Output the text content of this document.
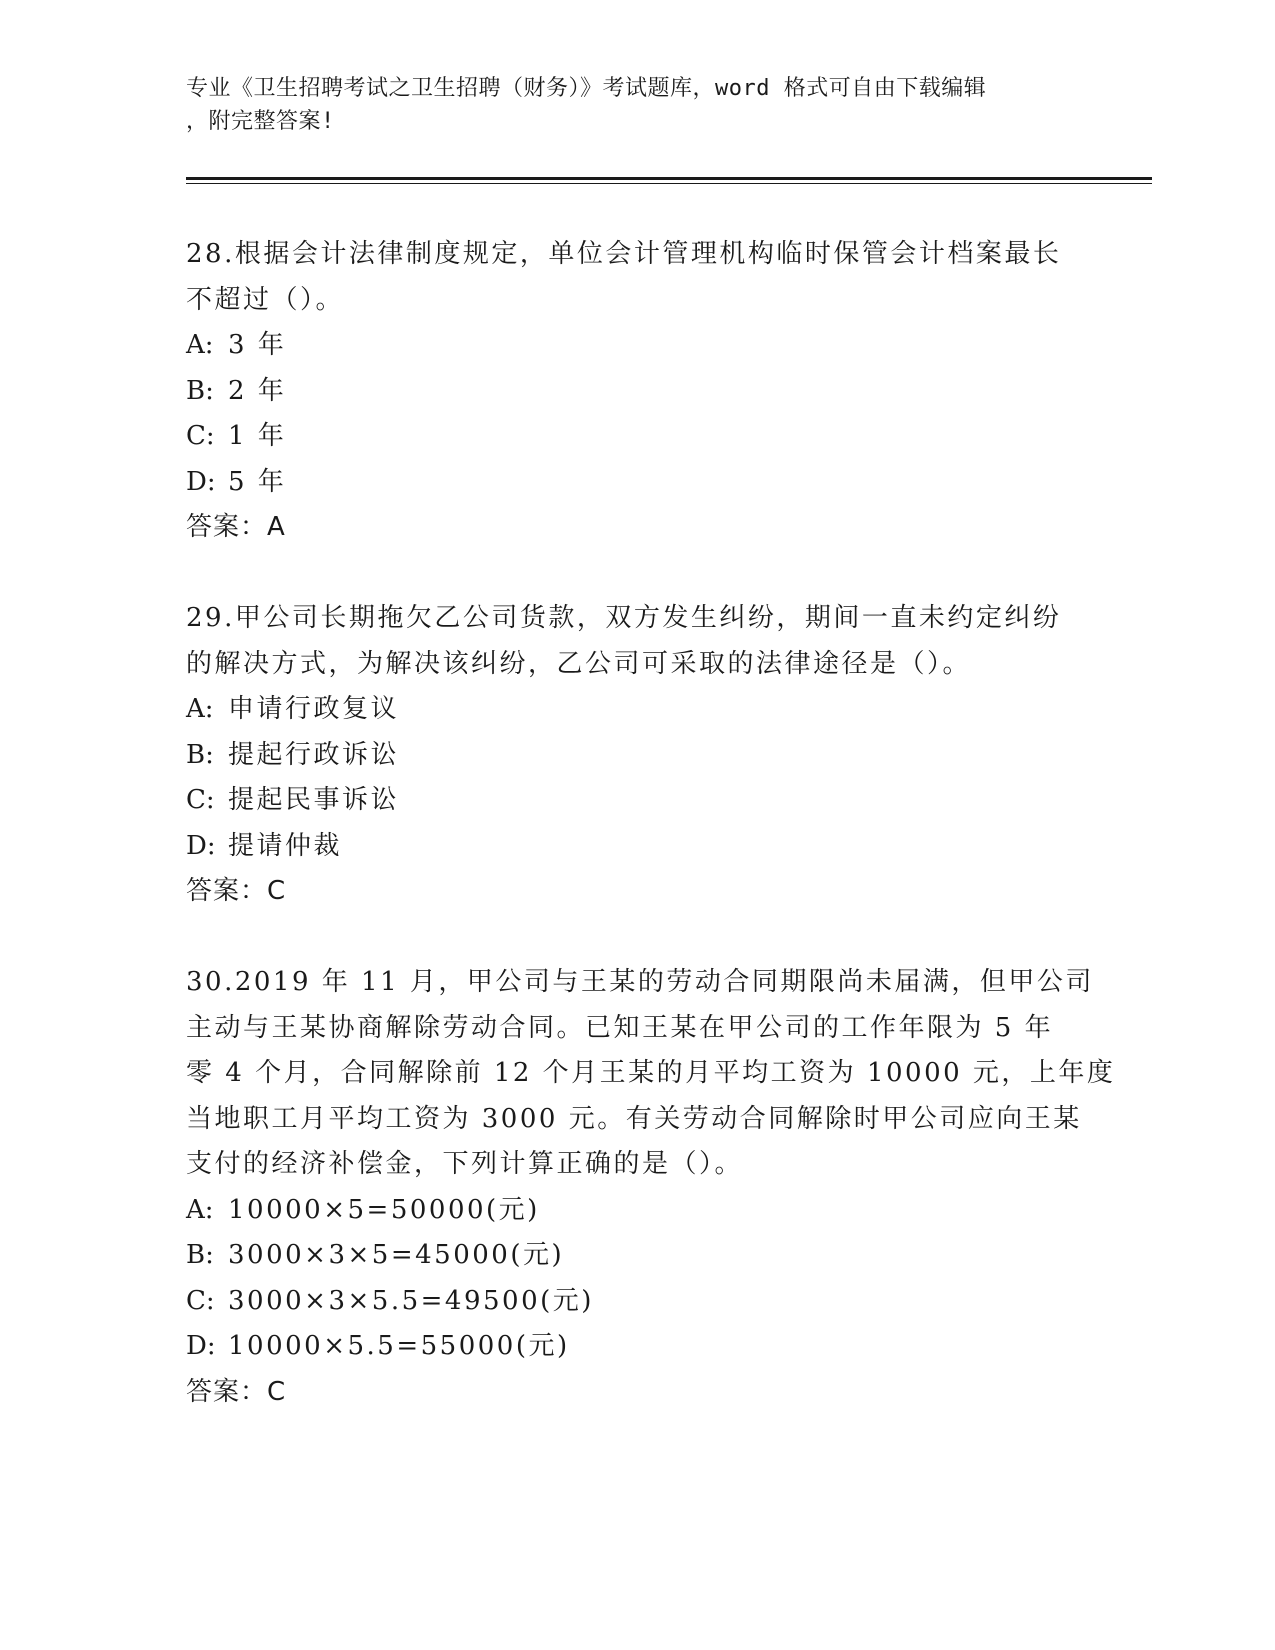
专业《卫生招聘考试之卫生招聘（财务）》考试题库，word 格式可自由下载编辑
，附完整答案!
28.根据会计法律制度规定，单位会计管理机构临时保管会计档案最长
不超过（）。
A: 3 年
B: 2 年
C: 1 年
D: 5 年
答案：A
29.甲公司长期拖欠乙公司货款，双方发生纠纷，期间一直未约定纠纷
的解决方式，为解决该纠纷，乙公司可采取的法律途径是（）。
A: 申请行政复议
B: 提起行政诉讼
C: 提起民事诉讼
D: 提请仲裁
答案：C
30.2019 年 11 月，甲公司与王某的劳动合同期限尚未届满，但甲公司
主动与王某协商解除劳动合同。已知王某在甲公司的工作年限为 5 年
零 4 个月，合同解除前 12 个月王某的月平均工资为 10000 元，上年度
当地职工月平均工资为 3000 元。有关劳动合同解除时甲公司应向王某
支付的经济补偿金，下列计算正确的是（）。
A: 10000×5=50000(元)
B: 3000×3×5=45000(元)
C: 3000×3×5.5=49500(元)
D: 10000×5.5=55000(元)
答案：C
